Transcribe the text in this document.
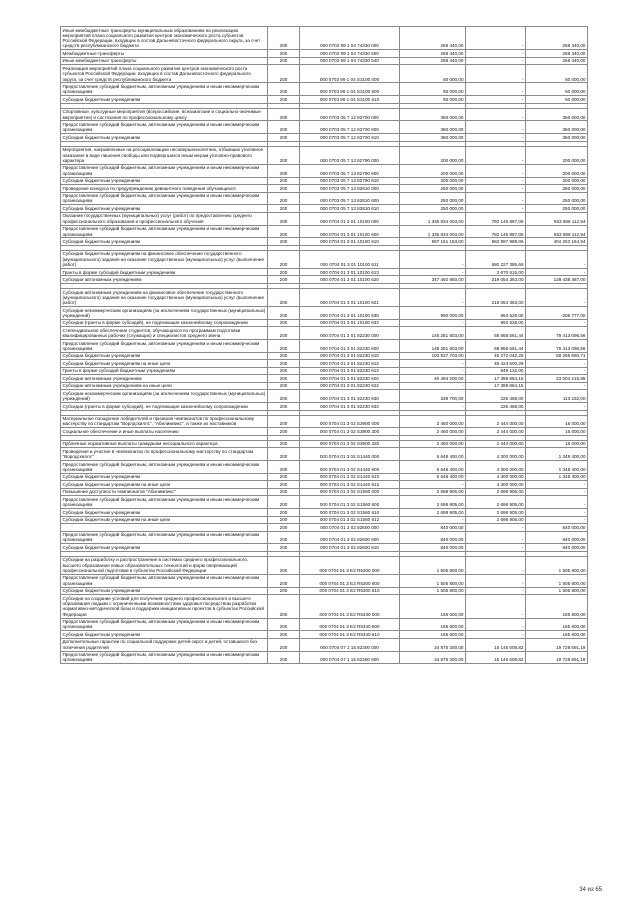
Иные межбюджетные трансферты муниципальным образованиям на реализацию мероприятий плана социального развития центров экономического роста субъектов Российской Федерации, входящих в состав Дальневосточного федерального округа, за счет средств республиканского бюджета	200	000 0702 99 1 04 74330 000	268 440,00	-	268 440,00
Межбюджетные трансферты	200	000 0702 99 1 04 74330 500	268 440,00	-	268 440,00
Иные межбюджетные трансферты	200	000 0702 99 1 04 74330 540	268 440,00	-	268 440,00
Реализация мероприятий плана социального развития центров экономического роста субъектов Российской Федерации, входящих в состав Дальневосточного федерального округа, за счет средств республиканского бюджета	200	000 0703 99 1 04 S3100 000	50 000,00	-	50 000,00
Предоставление субсидий бюджетным, автономным учреждениям и иным некоммерческим организациям	200	000 0703 99 1 04 S3100 600	50 000,00	-	50 000,00
Субсидии бюджетным учреждениям	200	000 0703 99 1 04 S3100 610	50 000,00	-	50 000,00

Спортивные, культурные мероприятия (всероссийские, всеазиатские и социально-значимые мероприятия) и состязания по профессиональному циклу	200	000 0703 05 7 12 82700 000	360 000,00	-	360 000,00
Предоставление субсидий бюджетным, автономным учреждениям и иным некоммерческим организациям	200	000 0703 05 7 12 82700 600	360 000,00	-	360 000,00
Субсидии бюджетным учреждениям	200	000 0703 05 7 12 82700 610	360 000,00	-	360 000,00

Мероприятия, направленные на ресоциализацию несовершеннолетних, отбывших уголовное наказание в виде лишения свободы или подвергшихся иным мерам уголовно-правового характера	200	000 0703 05 7 13 82790 000	200 000,00	-	200 000,00
Предоставление субсидий бюджетным, автономным учреждениям и иным некоммерческим организациям	200	000 0703 05 7 13 82790 600	200 000,00	-	200 000,00
Субсидии бюджетным учреждениям	200	000 0703 05 7 13 82790 610	200 000,00	-	200 000,00
Проведение конкурса по предупреждению девиантного поведения обучающихся	200	000 0703 05 7 13 82810 000	250 000,00	-	250 000,00
Предоставление субсидий бюджетным, автономным учреждениям и иным некоммерческим организациям	200	000 0703 05 7 13 82810 600	250 000,00	-	250 000,00
Субсидии бюджетным учреждениям	200	000 0703 05 7 13 82810 610	250 000,00	-	250 000,00
Оказание государственных (муниципальных) услуг (работ) по предоставлению среднего профессионального образования и профессионального обучения	200	000 0704 01 3 01 10100 000	1 335 834 003,00	782 145 887,06	553 688 112,94
Предоставление субсидий бюджетным, автономным учреждениям и иным некоммерческим организациям	200	000 0704 01 3 01 10100 600	1 335 834 003,00	782 145 887,06	553 688 112,94
Субсидии бюджетным учреждениям	200	000 0704 01 3 01 10100 610	987 151 153,00	582 897 988,06	404 253 164,94

Субсидии бюджетным учреждениям на финансовое обеспечение государственного (муниципального) задания на оказание государственных (муниципальных) услуг (выполнение работ)	200	000 0704 01 3 01 10100 611	-	580 227 385,66	-
Гранты в форме субсидий бюджетным учреждениям	200	000 0704 01 3 01 10100 613	-	2 670 615,00	-
Субсидии автономным учреждениям	200	000 0704 01 3 01 10100 620	347 492 850,00	219 054 363,00	128 438 487,00

Субсидии автономным учреждениям на финансовое обеспечение государственного (муниципального) задания на оказание государственных (муниципальных) услуг (выполнение работ)	200	000 0704 01 3 01 10100 621	-	218 054 363,00	-
Субсидии некоммерческим организациям (за исключением государственных (муниципальных) учреждений)	200	000 0704 01 3 01 10100 630	990 000,00	993 528,00	-206 777,00
Субсидии (гранты в форме субсидий), не подлежащие казначейскому сопровождению	200	000 0704 01 3 01 10100 633	-	993 528,00	-
Стипендиальное обеспечение студентов, обучающихся по программам подготовки квалифицированных рабочих (служащих) и специалистов среднего звена	200	000 0704 01 3 01 82230 000	148 281 603,00	68 868 561,44	79 413 096,56
Предоставление субсидий бюджетным, автономным учреждениям и иным некоммерческим организациям	200	000 0704 01 3 01 82230 600	148 281 603,00	68 868 561,44	79 413 096,56
Субсидии бюджетным учреждениям	200	000 0704 01 3 01 82230 610	103 537 703,00	45 272 042,29	58 265 660,71
Субсидии бюджетным учреждениям на иные цели	200	000 0704 01 3 01 82230 612	-	45 423 500,29	-
Гранты в форме субсидий бюджетным учреждениям	200	000 0704 01 3 01 82230 613	-	849 132,00	-
Субсидии автономным учреждениям	200	000 0704 01 3 01 82230 620	40 494 200,00	17 389 864,15	23 004 215,85
Субсидии автономным учреждениям на иные цели	200	000 0704 01 3 01 82230 622	-	17 389 864,15	-
Субсидии некоммерческим организациям (за исключением государственных (муниципальных) учреждений)	200	000 0704 01 3 01 82230 630	339 700,00	226 468,00	113 232,00
Субсидии (гранты в форме субсидий), не подлежащие казначейскому сопровождению	200	000 0704 01 3 01 82230 633	-	226 468,00	-

Материальное поощрение победителей и призеров чемпионатов по профессиональному мастерству по стандартам "Ворлдскиллс", "Абилимпикс", а также их наставников	200	000 0704 01 3 02 S3900 000	2 460 000,00	2 444 000,00	16 000,00
Социальное обеспечение и иные выплаты населению	200	000 0704 01 3 02 S3900 300	2 460 000,00	2 444 000,00	16 000,00

Публичные нормативные выплаты гражданам несоциального характера	200	000 0704 01 3 02 S3900 330	2 460 000,00	2 444 000,00	16 000,00
Проведение и участие в чемпионатах по профессиональному мастерству по стандартам "Ворлдскиллс"	200	000 0704 01 3 02 S1440 000	5 648 400,00	4 300 000,00	1 348 400,00
Предоставление субсидий бюджетным, автономным учреждениям и иным некоммерческим организациям	200	000 0704 01 3 02 S1440 600	5 648 400,00	4 300 000,00	1 348 400,00
Субсидии бюджетным учреждениям	200	000 0704 01 3 02 S1440 610	5 648 400,00	4 300 000,00	1 348 400,00
Субсидии бюджетным учреждениям на иные цели	200	000 0704 01 3 02 S1440 612	-	4 300 000,00	-
Повышение доступности чемпионатов "Абилимпикс"	200	000 0704 01 3 02 S1560 000	2 698 905,00	2 698 905,00	-
Предоставление субсидий бюджетным, автономным учреждениям и иным некоммерческим организациям	200	000 0704 01 3 02 S1560 600	2 698 905,00	2 698 905,00	-
Субсидии бюджетным учреждениям	200	000 0704 01 3 02 S1560 610	2 698 905,00	2 698 905,00	-
Субсидии бюджетным учреждениям на иные цели	200	000 0704 01 3 02 S1560 612	-	2 698 905,00	-
	200	000 0704 01 3 02 82600 000	840 000,00	-	840 000,00
Предоставление субсидий бюджетным, автономным учреждениям и иным некоммерческим организациям	200	000 0704 01 3 02 82600 600	840 000,00	-	840 000,00
Субсидии бюджетным учреждениям	200	000 0704 01 3 02 82600 610	840 000,00	-	840 000,00

Субсидии на разработку и распространение в системах среднего профессионального, высшего образования новых образовательных технологий и форм опережающей профессиональной подготовки в субъектах Российской Федерации	200	000 0704 01 3 E2 R5300 000	1 505 800,00	-	1 505 800,00
Предоставление субсидий бюджетным, автономным учреждениям и иным некоммерческим организациям	200	000 0704 01 3 E2 R5300 600	1 505 800,00	-	1 505 800,00
Субсидии бюджетным учреждениям	200	000 0704 01 3 E2 R5300 610	1 505 800,00	-	1 505 800,00
Субсидии на создание условий для получения среднего профессионального и высшего образования людьми с ограниченными возможностями здоровья посредством разработки нормативно-методической базы и поддержки инициативных проектов в субъектах Российской Федерации	200	000 0704 01 3 E2 R5340 000	165 600,00	-	165 600,00
Предоставление субсидий бюджетным, автономным учреждениям и иным некоммерческим организациям	200	000 0704 01 3 E2 R5340 600	165 600,00	-	165 600,00
Субсидии бюджетным учреждениям	200	000 0704 01 3 E2 R5340 610	165 600,00	-	165 600,00
Дополнительные гарантии по социальной поддержке детей-сирот и детей, оставшихся без попечения родителей	200	000 0704 07 1 15 82300 000	34 875 300,00	15 146 608,82	19 728 691,18
Предоставление субсидий бюджетным, автономным учреждениям и иным некоммерческим организациям	200	000 0704 07 1 15 82300 600	34 875 300,00	15 146 608,82	19 728 691,18
34 из 65
